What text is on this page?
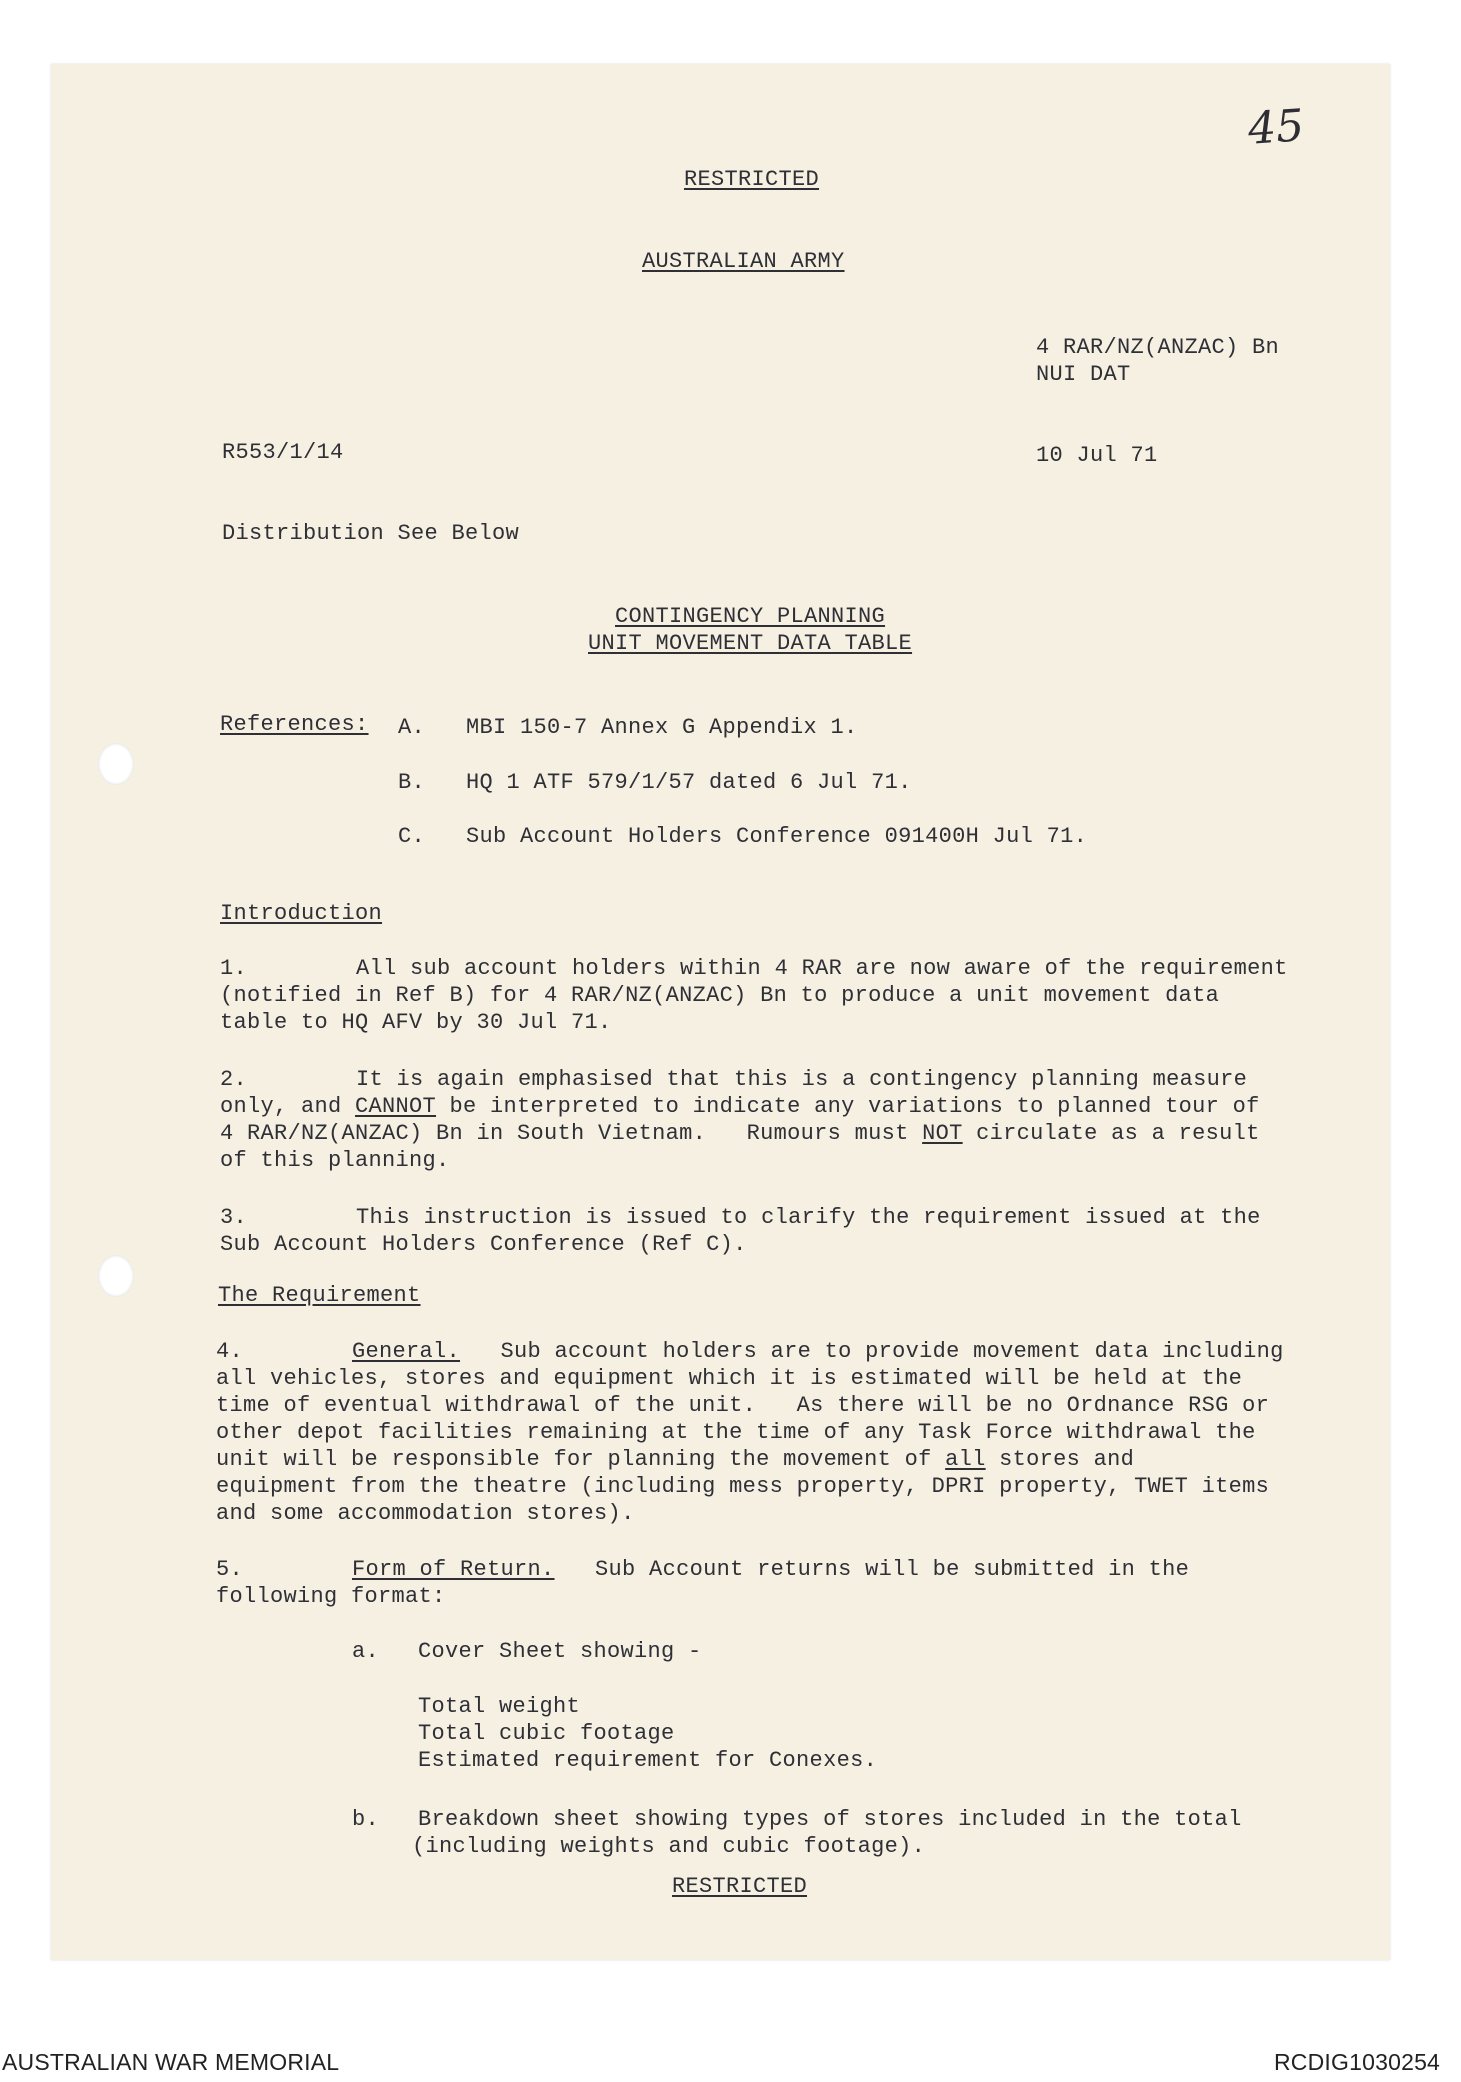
45
RESTRICTED
AUSTRALIAN ARMY
4 RAR/NZ(ANZAC) Bn
NUI DAT
R553/1/14	10 Jul 71
Distribution See Below
CONTINGENCY PLANNING
UNIT MOVEMENT DATA TABLE
References: A. MBI 150-7 Annex G Appendix 1.
B. HQ 1 ATF 579/1/57 dated 6 Jul 71.
C. Sub Account Holders Conference 091400H Jul 71.
Introduction
1.	All sub account holders within 4 RAR are now aware of the requirement
(notified in Ref B) for 4 RAR/NZ(ANZAC) Bn to produce a unit movement data
table to HQ AFV by 30 Jul 71.
2.	It is again emphasised that this is a contingency planning measure
only, and CANNOT be interpreted to indicate any variations to planned tour of
4 RAR/NZ(ANZAC) Bn in South Vietnam.   Rumours must NOT circulate as a result
of this planning.
3.	This instruction is issued to clarify the requirement issued at the
Sub Account Holders Conference (Ref C).
The Requirement
4.	General.   Sub account holders are to provide movement data including
all vehicles, stores and equipment which it is estimated will be held at the
time of eventual withdrawal of the unit.   As there will be no Ordnance RSG or
other depot facilities remaining at the time of any Task Force withdrawal the
unit will be responsible for planning the movement of all stores and
equipment from the theatre (including mess property, DPRI property, TWET items
and some accommodation stores).
5.	Form of Return.   Sub Account returns will be submitted in the
following format:
a. Cover Sheet showing -
Total weight
Total cubic footage
Estimated requirement for Conexes.
b. Breakdown sheet showing types of stores included in the total
(including weights and cubic footage).
RESTRICTED
AUSTRALIAN WAR MEMORIAL	RCDIG1030254
